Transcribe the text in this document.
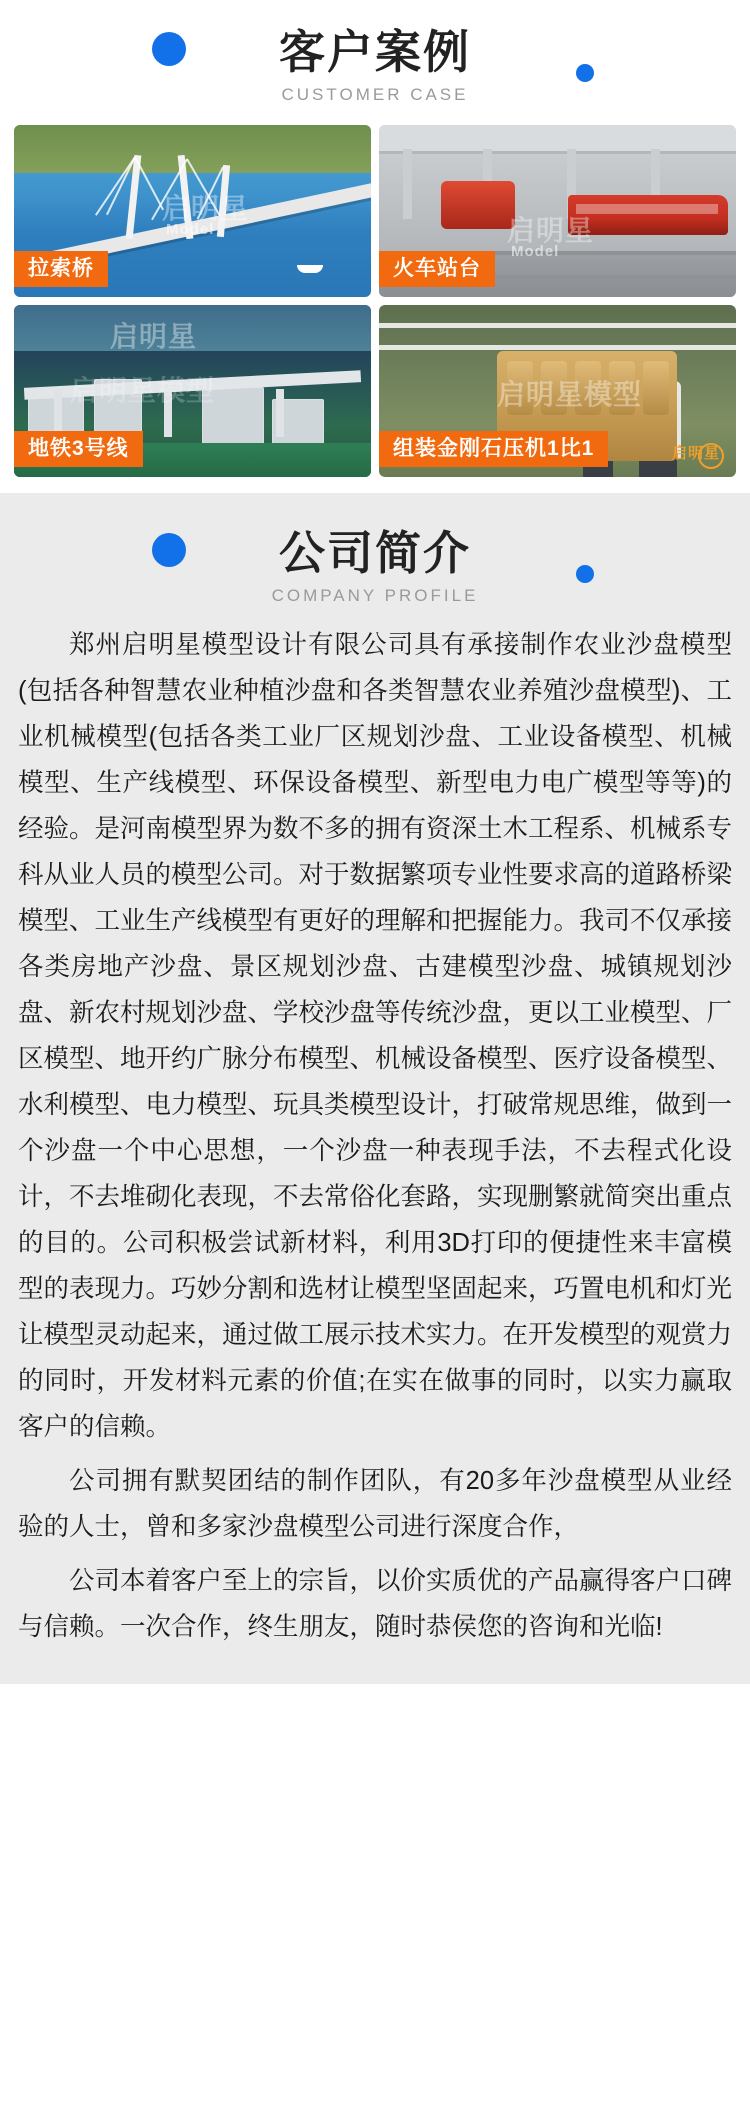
客户案例
CUSTOMER CASE
启明星
Model
拉索桥
启明星
Model
火车站台
启明星
启明星模型
地铁3号线
启明星模型
启明星
组装金刚石压机1比1
公司简介
COMPANY PROFILE

郑州启明星模型设计有限公司具有承接制作农业沙盘模型(包括各种智慧农业种植沙盘和各类智慧农业养殖沙盘模型)、工业机械模型(包括各类工业厂区规划沙盘、工业设备模型、机械模型、生产线模型、环保设备模型、新型电力电广模型等等)的经验。是河南模型界为数不多的拥有资深土木工程系、机械系专科从业人员的模型公司。对于数据繁项专业性要求高的道路桥梁模型、工业生产线模型有更好的理解和把握能力。我司不仅承接各类房地产沙盘、景区规划沙盘、古建模型沙盘、城镇规划沙盘、新农村规划沙盘、学校沙盘等传统沙盘，更以工业模型、厂区模型、地开约广脉分布模型、机械设备模型、医疗设备模型、水利模型、电力模型、玩具类模型设计，打破常规思维，做到一个沙盘一个中心思想，一个沙盘一种表现手法，不去程式化设计，不去堆砌化表现，不去常俗化套路，实现删繁就简突出重点的目的。公司积极尝试新材料，利用3D打印的便捷性来丰富模型的表现力。巧妙分割和选材让模型坚固起来，巧置电机和灯光让模型灵动起来，通过做工展示技术实力。在开发模型的观赏力的同时，开发材料元素的价值;在实在做事的同时，以实力赢取客户的信赖。

公司拥有默契团结的制作团队，有20多年沙盘模型从业经验的人士，曾和多家沙盘模型公司进行深度合作，

公司本着客户至上的宗旨，以价实质优的产品赢得客户口碑与信赖。一次合作，终生朋友，随时恭侯您的咨询和光临!
